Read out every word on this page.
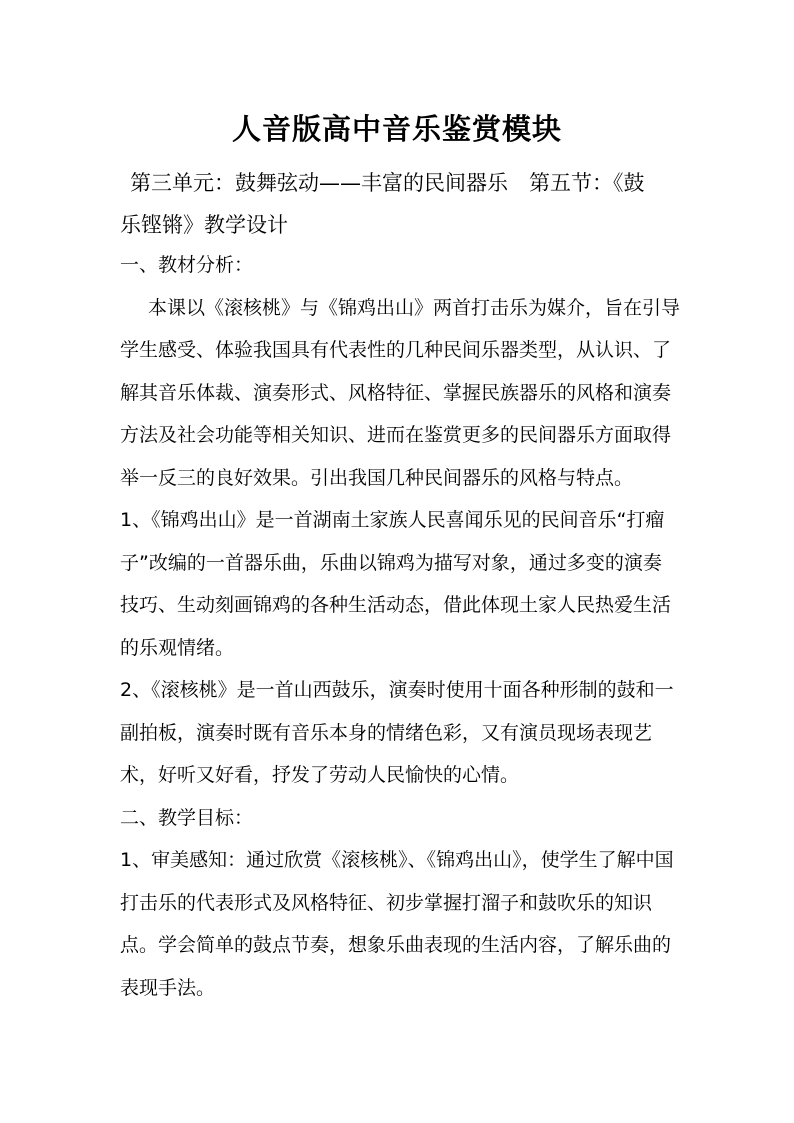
人音版高中音乐鉴赏模块
第三单元：鼓舞弦动——丰富的民间器乐　第五节：《鼓
乐铿锵》教学设计
一、教材分析：
本课以《滚核桃》与《锦鸡出山》两首打击乐为媒介，旨在引导
学生感受、体验我国具有代表性的几种民间乐器类型，从认识、了
解其音乐体裁、演奏形式、风格特征、掌握民族器乐的风格和演奏
方法及社会功能等相关知识、进而在鉴赏更多的民间器乐方面取得
举一反三的良好效果。引出我国几种民间器乐的风格与特点。
1、《锦鸡出山》是一首湖南土家族人民喜闻乐见的民间音乐“打瘤
子”改编的一首器乐曲，乐曲以锦鸡为描写对象，通过多变的演奏
技巧、生动刻画锦鸡的各种生活动态，借此体现土家人民热爱生活
的乐观情绪。
2、《滚核桃》是一首山西鼓乐，演奏时使用十面各种形制的鼓和一
副拍板，演奏时既有音乐本身的情绪色彩，又有演员现场表现艺
术，好听又好看，抒发了劳动人民愉快的心情。
二、教学目标：
1、审美感知：通过欣赏《滚核桃》、《锦鸡出山》，使学生了解中国
打击乐的代表形式及风格特征、初步掌握打溜子和鼓吹乐的知识
点。学会简单的鼓点节奏，想象乐曲表现的生活内容，了解乐曲的
表现手法。
